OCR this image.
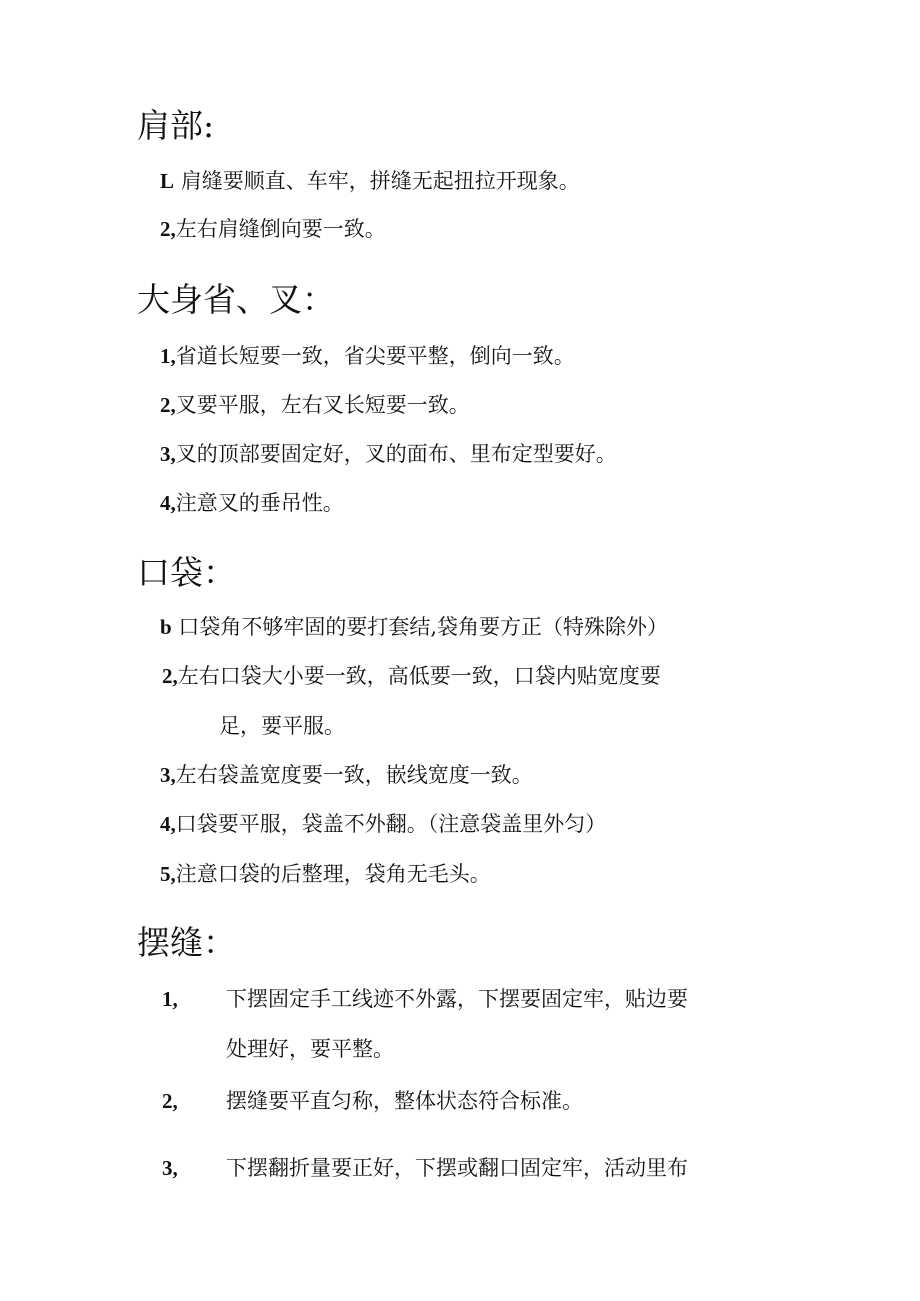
肩部:
L 肩缝要顺直、车牢，拼缝无起扭拉开现象。
2,左右肩缝倒向要一致。
大身省、叉：
1,省道长短要一致，省尖要平整，倒向一致。
2,叉要平服，左右叉长短要一致。
3,叉的顶部要固定好，叉的面布、里布定型要好。
4,注意叉的垂吊性。
口袋：
b 口袋角不够牢固的要打套结,袋角要方正（特殊除外）
2,左右口袋大小要一致，高低要一致，口袋内贴宽度要
足，要平服。
3,左右袋盖宽度要一致，嵌线宽度一致。
4,口袋要平服，袋盖不外翻。（注意袋盖里外匀）
5,注意口袋的后整理，袋角无毛头。
摆缝：
1, 下摆固定手工线迹不外露，下摆要固定牢，贴边要
处理好，要平整。
2, 摆缝要平直匀称，整体状态符合标准。
3, 下摆翻折量要正好，下摆或翻口固定牢，活动里布
